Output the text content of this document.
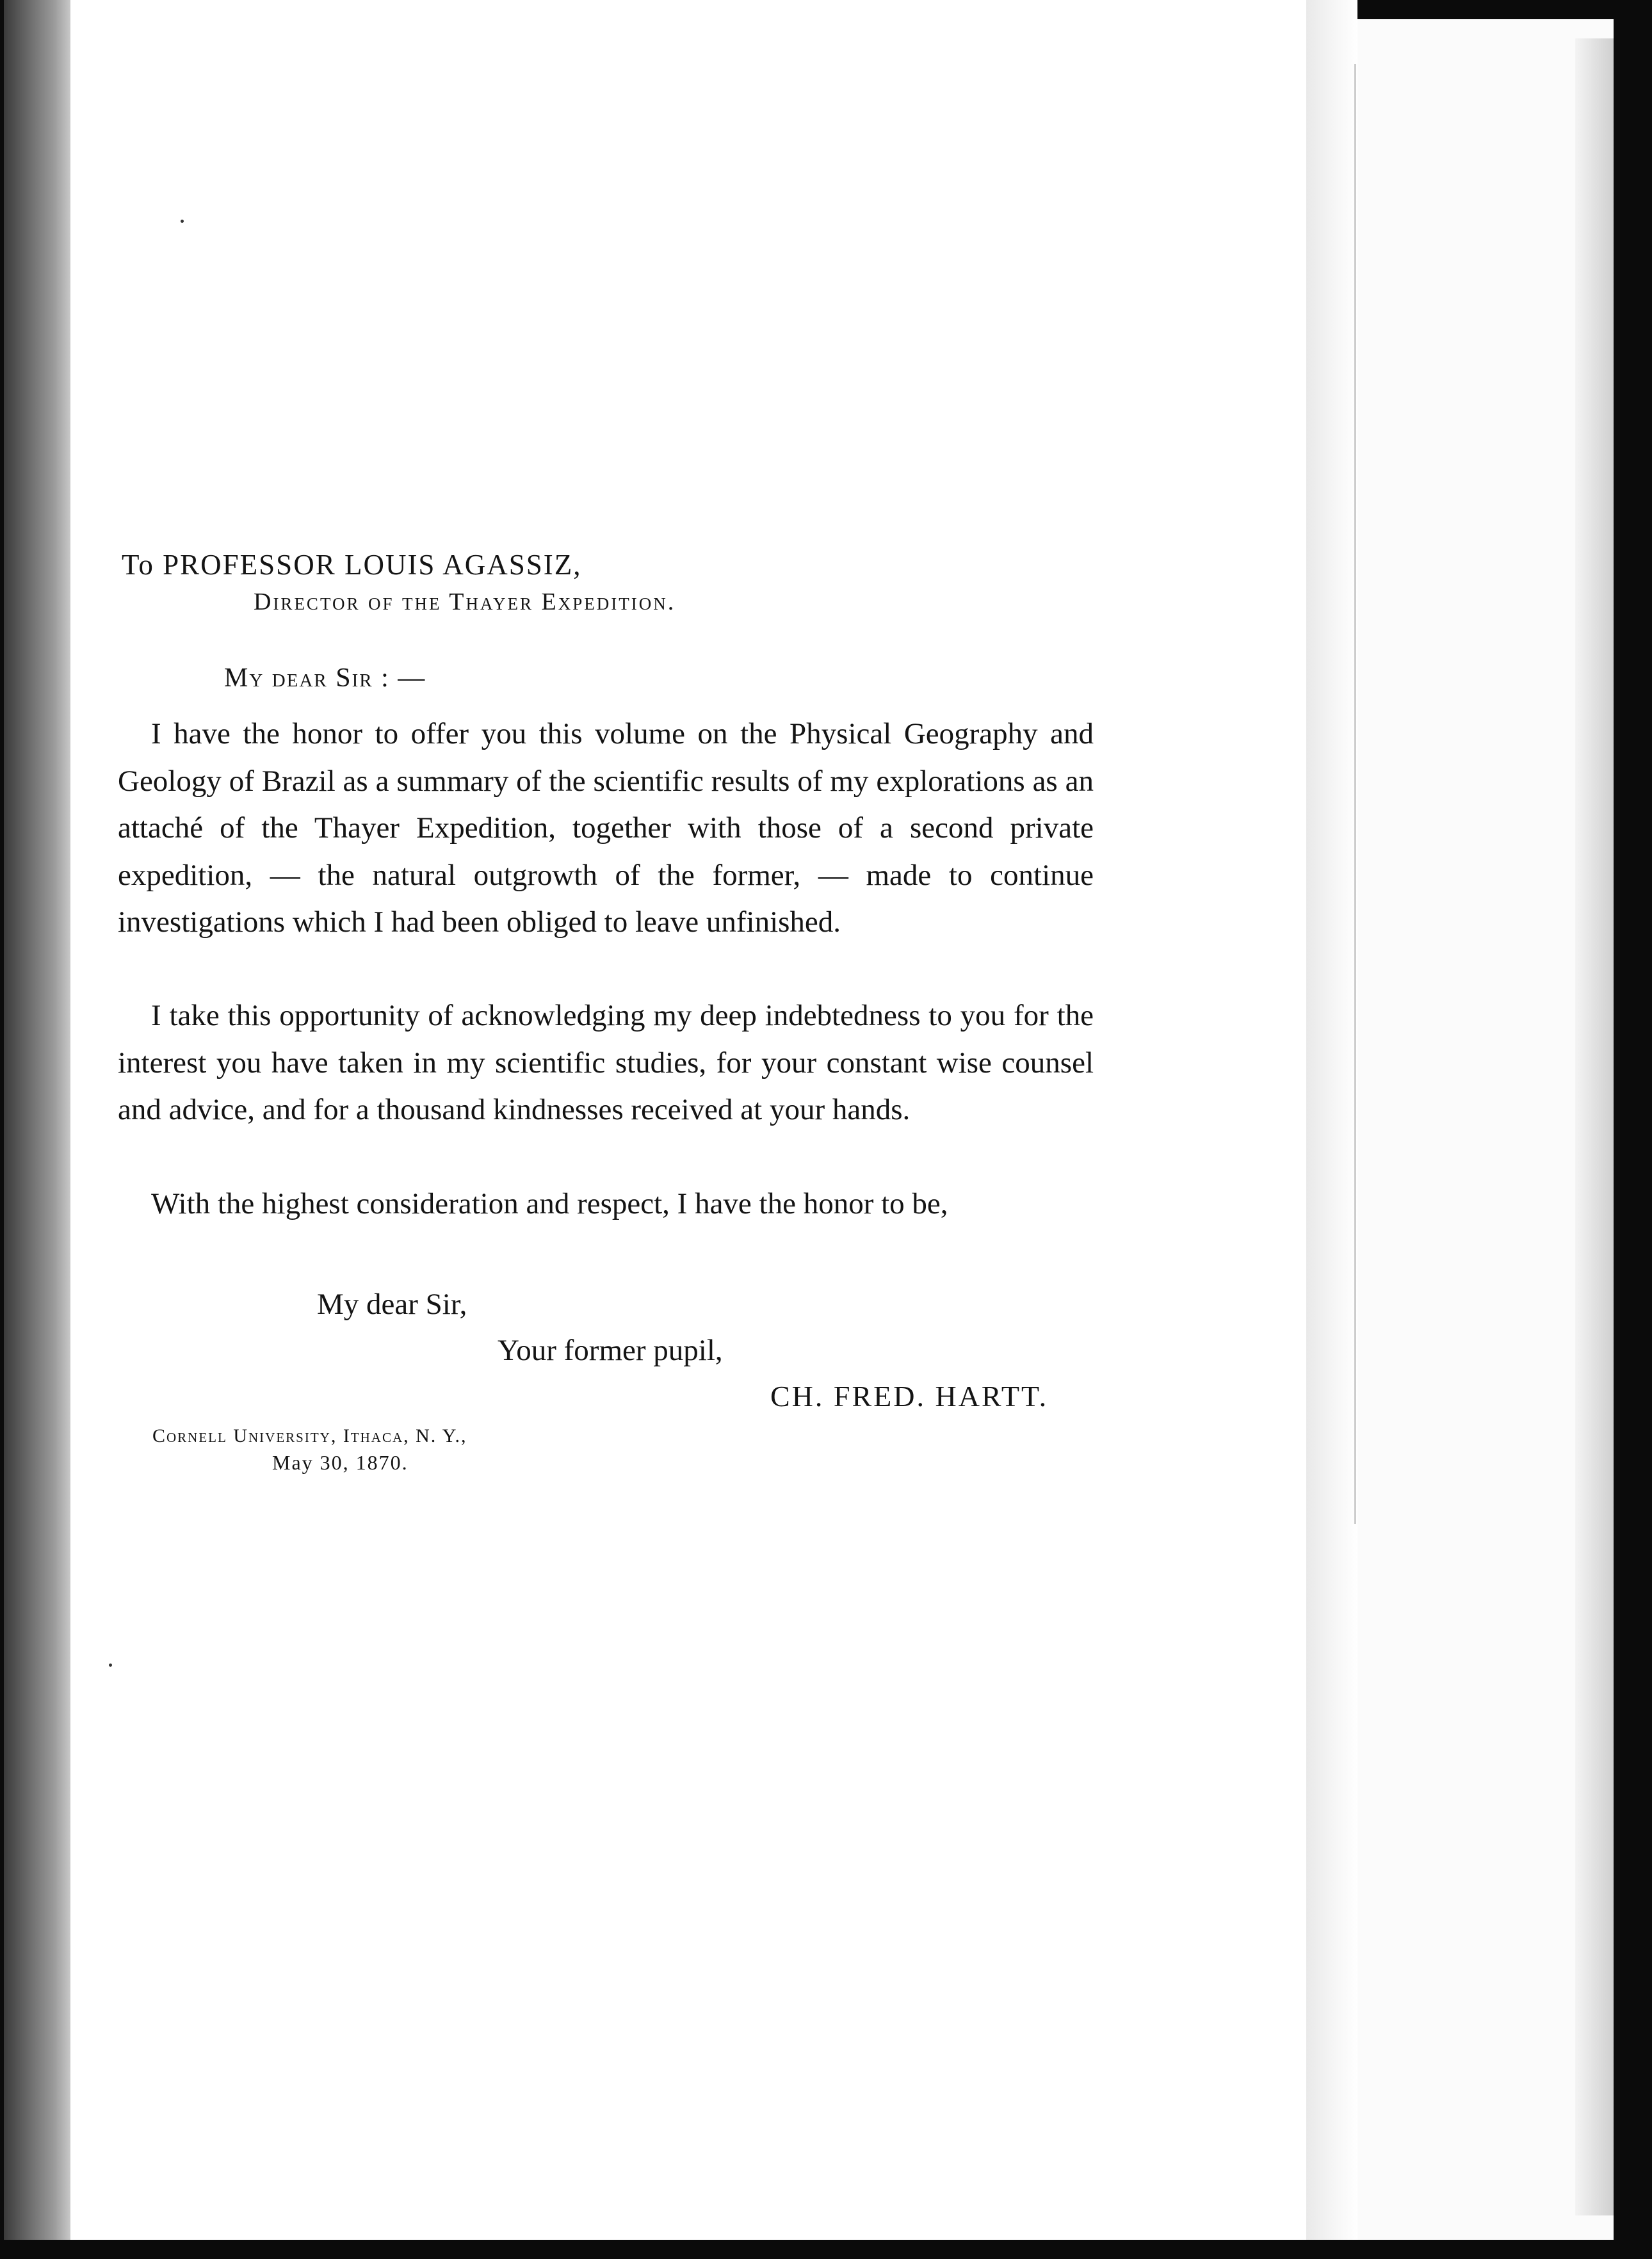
To PROFESSOR LOUIS AGASSIZ,

Director of the Thayer Expedition.

My dear Sir : —

I have the honor to offer you this volume on the Physical Geography and Geology of Brazil as a summary of the scientific results of my explorations as an attaché of the Thayer Expedition, together with those of a second private expedition, — the natural outgrowth of the former, — made to continue investigations which I had been obliged to leave unfinished.

I take this opportunity of acknowledging my deep indebtedness to you for the interest you have taken in my scientific studies, for your constant wise counsel and advice, and for a thousand kindnesses received at your hands.

With the highest consideration and respect, I have the honor to be,

My dear Sir,

Your former pupil,

CH. FRED. HARTT.

Cornell University, Ithaca, N. Y.,

May 30, 1870.
